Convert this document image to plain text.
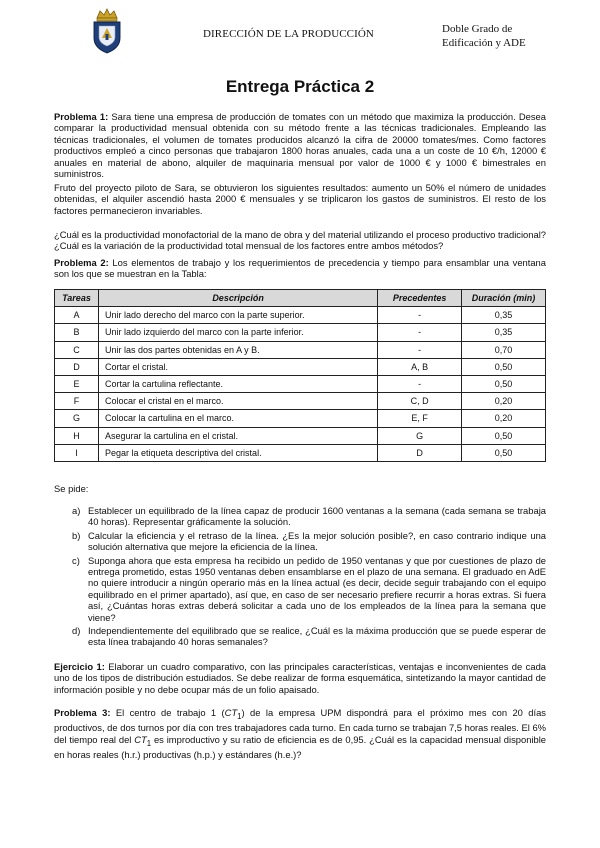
DIRECCIÓN DE LA PRODUCCIÓN	Doble Grado de
Edificación y ADE
Entrega Práctica 2
Problema 1: Sara tiene una empresa de producción de tomates con un método que maximiza la producción. Desea comparar la productividad mensual obtenida con su método frente a las técnicas tradicionales. Empleando las técnicas tradicionales, el volumen de tomates producidos alcanzó la cifra de 20000 tomates/mes. Como factores productivos empleó a cinco personas que trabajaron 1800 horas anuales, cada una a un coste de 10 €/h, 12000 € anuales en material de abono, alquiler de maquinaria mensual por valor de 1000 € y 1000 € bimestrales en suministros.
Fruto del proyecto piloto de Sara, se obtuvieron los siguientes resultados: aumento un 50% el número de unidades obtenidas, el alquiler ascendió hasta 2000 € mensuales y se triplicaron los gastos de suministros. El resto de los factores permanecieron invariables.
¿Cuál es la productividad monofactorial de la mano de obra y del material utilizando el proceso productivo tradicional? ¿Cuál es la variación de la productividad total mensual de los factores entre ambos métodos?
Problema 2: Los elementos de trabajo y los requerimientos de precedencia y tiempo para ensamblar una ventana son los que se muestran en la Tabla:
Tareas	Descripción	Precedentes	Duración (min)
A	Unir lado derecho del marco con la parte superior.	-	0,35
B	Unir lado izquierdo del marco con la parte inferior.	-	0,35
C	Unir las dos partes obtenidas en A y B.	-	0,70
D	Cortar el cristal.	A, B	0,50
E	Cortar la cartulina reflectante.	-	0,50
F	Colocar el cristal en el marco.	C, D	0,20
G	Colocar la cartulina en el marco.	E, F	0,20
H	Asegurar la cartulina en el cristal.	G	0,50
I	Pegar la etiqueta descriptiva del cristal.	D	0,50
Se pide:
a) Establecer un equilibrado de la línea capaz de producir 1600 ventanas a la semana (cada semana se trabaja 40 horas). Representar gráficamente la solución.
b) Calcular la eficiencia y el retraso de la línea. ¿Es la mejor solución posible?, en caso contrario indique una solución alternativa que mejore la eficiencia de la línea.
c) Suponga ahora que esta empresa ha recibido un pedido de 1950 ventanas y que por cuestiones de plazo de entrega prometido, estas 1950 ventanas deben ensamblarse en el plazo de una semana. El graduado en AdE no quiere introducir a ningún operario más en la línea actual (es decir, decide seguir trabajando con el equipo equilibrado en el primer apartado), así que, en caso de ser necesario prefiere recurrir a horas extras. Si fuera así, ¿Cuántas horas extras deberá solicitar a cada uno de los empleados de la línea para la semana que viene?
d) Independientemente del equilibrado que se realice, ¿Cuál es la máxima producción que se puede esperar de esta línea trabajando 40 horas semanales?
Ejercicio 1: Elaborar un cuadro comparativo, con las principales características, ventajas e inconvenientes de cada uno de los tipos de distribución estudiados. Se debe realizar de forma esquemática, sintetizando la mayor cantidad de información posible y no debe ocupar más de un folio apaisado.
Problema 3: El centro de trabajo 1 $(CT_1)$ de la empresa UPM dispondrá para el próximo mes con 20 días productivos, de dos turnos por día con tres trabajadores cada turno. En cada turno se trabajan 7,5 horas reales. El 6% del tiempo real del $CT_1$ es improductivo y su ratio de eficiencia es de 0,95. ¿Cuál es la capacidad mensual disponible en horas reales (h.r.) productivas (h.p.) y estándares (h.e.)?
